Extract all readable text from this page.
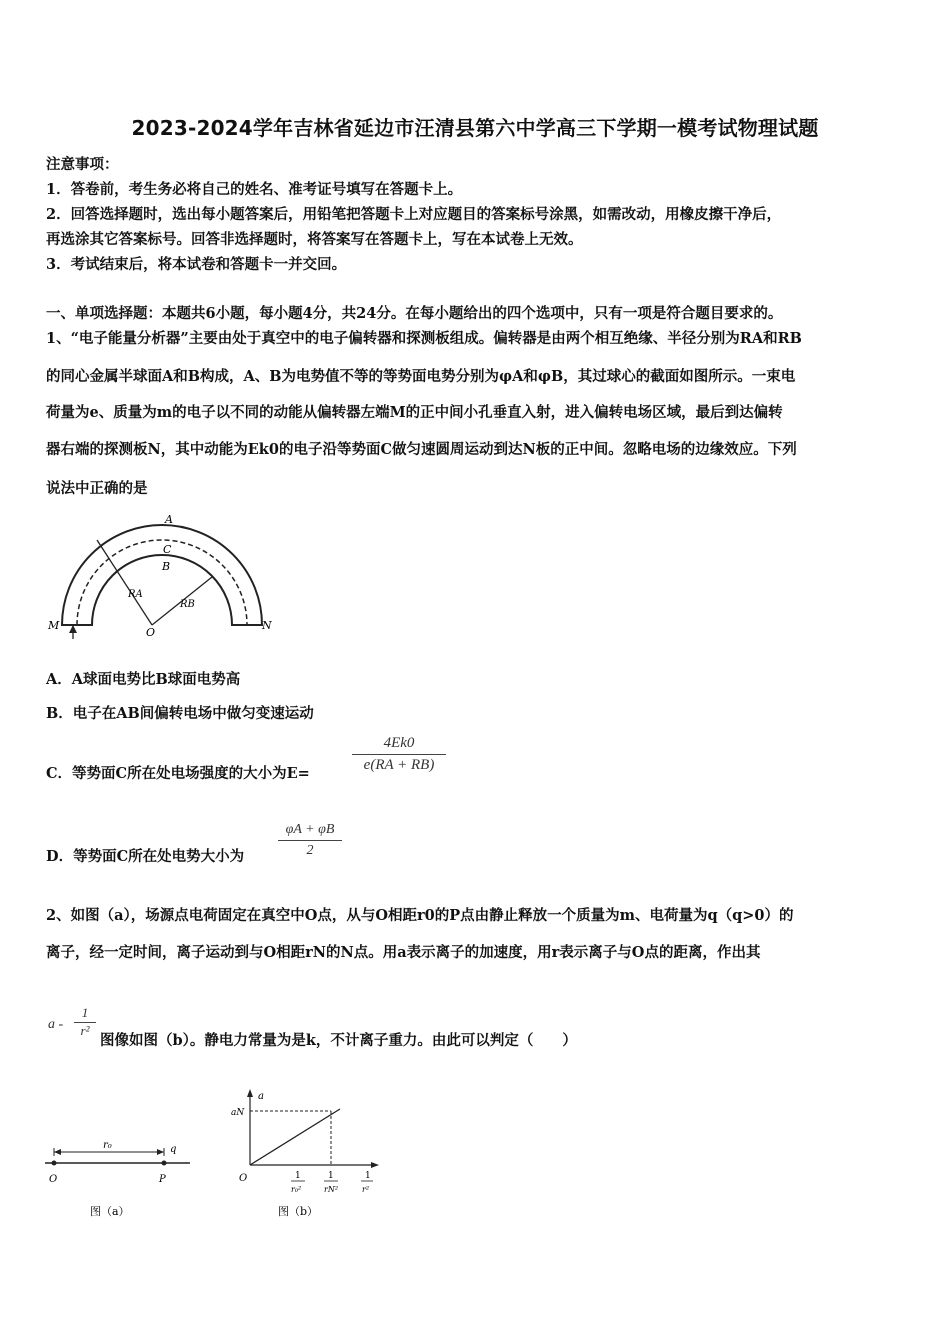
2023-2024学年吉林省延边市汪清县第六中学高三下学期一模考试物理试题
注意事项：
1．答卷前，考生务必将自己的姓名、准考证号填写在答题卡上。
2．回答选择题时，选出每小题答案后，用铅笔把答题卡上对应题目的答案标号涂黑，如需改动，用橡皮擦干净后，
再选涂其它答案标号。回答非选择题时，将答案写在答题卡上，写在本试卷上无效。
3．考试结束后，将本试卷和答题卡一并交回。
一、单项选择题：本题共6小题，每小题4分，共24分。在每小题给出的四个选项中，只有一项是符合题目要求的。
1、“电子能量分析器”主要由处于真空中的电子偏转器和探测板组成。偏转器是由两个相互绝缘、半径分别为RA和RB
的同心金属半球面A和B构成，A、B为电势值不等的等势面电势分别为φA和φB，其过球心的截面如图所示。一束电
荷量为e、质量为m的电子以不同的动能从偏转器左端M的正中间小孔垂直入射，进入偏转电场区域，最后到达偏转
器右端的探测板N，其中动能为Ek0的电子沿等势面C做匀速圆周运动到达N板的正中间。忽略电场的边缘效应。下列
说法中正确的是
A
C
B
RA
RB
O
M	N
A．A球面电势比B球面电势高
B．电子在AB间偏转电场中做匀变速运动
C．等势面C所在处电场强度的大小为E=	$\frac{4Ek0}{e(RA + RB)}$
D．等势面C所在处电势大小为 $\frac{\varphi A + \varphi B}{2}$
2、如图（a），场源点电荷固定在真空中O点，从与O相距r0的P点由静止释放一个质量为m、电荷量为q（q>0）的
离子，经一定时间，离子运动到与O相距rN的N点。用a表示离子的加速度，用r表示离子与O点的距离，作出其
a - $\frac{1}{\text{r²}}$
图像如图（b）。静电力常量为是k，不计离子重力。由此可以判定（　　）
r₀	q
O	P
图（a）
a
aN
O	1
r₀²
1
rN²
1
r²
图（b）
